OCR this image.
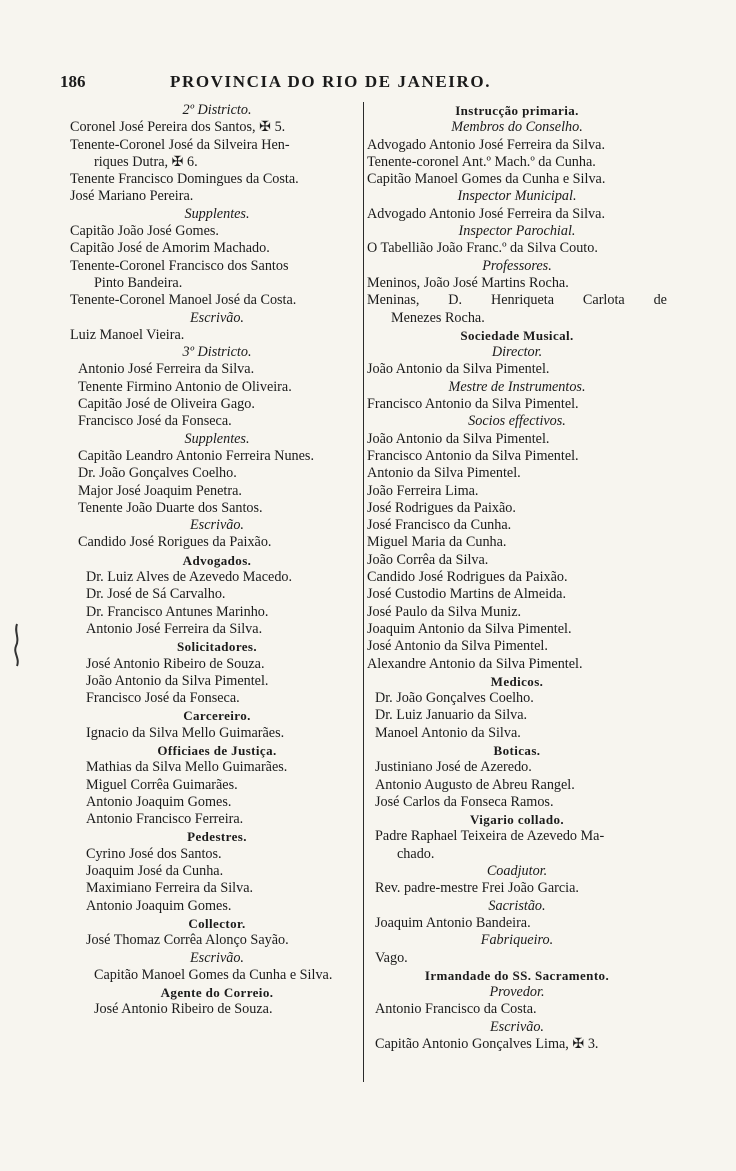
186	PROVINCIA DO RIO DE JANEIRO.
2º Districto.
Coronel José Pereira dos Santos, ✠ 5.
Tenente-Coronel José da Silveira Hen-
riques Dutra, ✠ 6.
Tenente Francisco Domingues da Costa.
José Mariano Pereira.
Supplentes.
Capitão João José Gomes.
Capitão José de Amorim Machado.
Tenente-Coronel Francisco dos Santos
Pinto Bandeira.
Tenente-Coronel Manoel José da Costa.
Escrivão.
Luiz Manoel Vieira.
3º Districto.
Antonio José Ferreira da Silva.
Tenente Firmino Antonio de Oliveira.
Capitão José de Oliveira Gago.
Francisco José da Fonseca.
Supplentes.
Capitão Leandro Antonio Ferreira Nunes.
Dr. João Gonçalves Coelho.
Major José Joaquim Penetra.
Tenente João Duarte dos Santos.
Escrivão.
Candido José Rorigues da Paixão.
Advogados.
Dr. Luiz Alves de Azevedo Macedo.
Dr. José de Sá Carvalho.
Dr. Francisco Antunes Marinho.
Antonio José Ferreira da Silva.
Solicitadores.
José Antonio Ribeiro de Souza.
João Antonio da Silva Pimentel.
Francisco José da Fonseca.
Carcereiro.
Ignacio da Silva Mello Guimarães.
Officiaes de Justiça.
Mathias da Silva Mello Guimarães.
Miguel Corrêa Guimarães.
Antonio Joaquim Gomes.
Antonio Francisco Ferreira.
Pedestres.
Cyrino José dos Santos.
Joaquim José da Cunha.
Maximiano Ferreira da Silva.
Antonio Joaquim Gomes.
Collector.
José Thomaz Corrêa Alonço Sayão.
Escrivão.
Capitão Manoel Gomes da Cunha e Silva.
Agente do Correio.
José Antonio Ribeiro de Souza.
Instrucção primaria.
Membros do Conselho.
Advogado Antonio José Ferreira da Silva.
Tenente-coronel Ant.º Mach.º da Cunha.
Capitão Manoel Gomes da Cunha e Silva.
Inspector Municipal.
Advogado Antonio José Ferreira da Silva.
Inspector Parochial.
O Tabellião João Franc.º da Silva Couto.
Professores.
Meninos, João José Martins Rocha.
Meninas, D. Henriqueta Carlota de
Menezes Rocha.
Sociedade Musical.
Director.
João Antonio da Silva Pimentel.
Mestre de Instrumentos.
Francisco Antonio da Silva Pimentel.
Socios effectivos.
João Antonio da Silva Pimentel.
Francisco Antonio da Silva Pimentel.
Antonio da Silva Pimentel.
João Ferreira Lima.
José Rodrigues da Paixão.
José Francisco da Cunha.
Miguel Maria da Cunha.
João Corrêa da Silva.
Candido José Rodrigues da Paixão.
José Custodio Martins de Almeida.
José Paulo da Silva Muniz.
Joaquim Antonio da Silva Pimentel.
José Antonio da Silva Pimentel.
Alexandre Antonio da Silva Pimentel.
Medicos.
Dr. João Gonçalves Coelho.
Dr. Luiz Januario da Silva.
Manoel Antonio da Silva.
Boticas.
Justiniano José de Azeredo.
Antonio Augusto de Abreu Rangel.
José Carlos da Fonseca Ramos.
Vigario collado.
Padre Raphael Teixeira de Azevedo Ma-
chado.
Coadjutor.
Rev. padre-mestre Frei João Garcia.
Sacristão.
Joaquim Antonio Bandeira.
Fabriqueiro.
Vago.
Irmandade do SS. Sacramento.
Provedor.
Antonio Francisco da Costa.
Escrivão.
Capitão Antonio Gonçalves Lima, ✠ 3.
